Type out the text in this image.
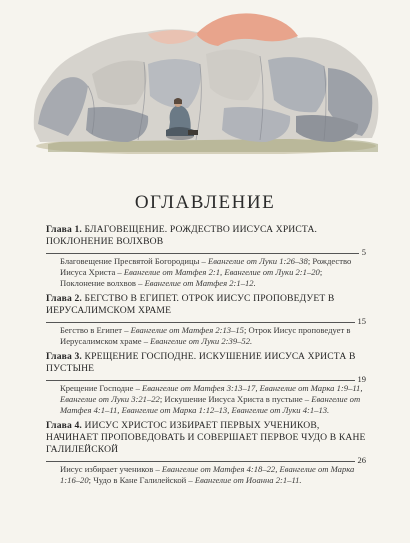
ОГЛАВЛЕНИЕ
Глава 1. БЛАГОВЕЩЕНИЕ. РОЖДЕСТВО ИИСУСА ХРИСТА. ПОКЛОНЕНИЕ ВОЛХВОВ
5
Благовещение Пресвятой Богородицы – Евангелие от Луки 1:26–38; Рождество Иисуса Христа – Евангелие от Матфея 2:1, Евангелие от Луки 2:1–20; Поклонение волхвов – Евангелие от Матфея 2:1–12.
Глава 2. БЕГСТВО В ЕГИПЕТ. ОТРОК ИИСУС ПРОПОВЕДУЕТ В ИЕРУСАЛИМСКОМ ХРАМЕ
15
Бегство в Египет – Евангелие от Матфея 2:13–15; Отрок Иисус проповедует в Иерусалимском храме – Евангелие от Луки 2:39–52.
Глава 3. КРЕЩЕНИЕ ГОСПОДНЕ. ИСКУШЕНИЕ ИИСУСА ХРИСТА В ПУСТЫНЕ
19
Крещение Господне – Евангелие от Матфея 3:13–17, Евангелие от Марка 1:9–11, Евангелие от Луки 3:21–22; Искушение Иисуса Христа в пустыне – Евангелие от Матфея 4:1–11, Евангелие от Марка 1:12–13, Евангелие от Луки 4:1–13.
Глава 4. ИИСУС ХРИСТОС ИЗБИРАЕТ ПЕРВЫХ УЧЕНИКОВ, НАЧИНАЕТ ПРОПОВЕДОВАТЬ И СОВЕРШАЕТ ПЕРВОЕ ЧУДО В КАНЕ ГАЛИЛЕЙСКОЙ
26
Иисус избирает учеников – Евангелие от Матфея 4:18–22, Евангелие от Марка 1:16–20; Чудо в Кане Галилейской – Евангелие от Иоанна 2:1–11.
